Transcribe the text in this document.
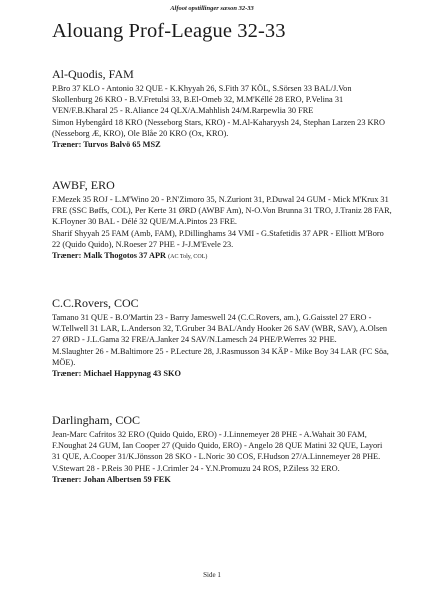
Alfoot opstillinger sæson 32-33
Alouang Prof-League 32-33
Al-Quodis, FAM

P.Bro 37 KLO - Antonio 32 QUE - K.Khyyah 26, S.Fith 37 KÖL, S.Sörsen 33 BAL/J.Von Skollenburg 26 KRO - B.V.Fretulsi 33, B.El-Omeb 32, M.M'Kéllé 28 ERO, P.Velina 31 VEN/F.B.Kharal 25 - R.Aliance 24 QLX/A.Mahhlish 24/M.Rarpewlia 30 FRE

Simon Hybengård 18 KRO (Nesseborg Stars, KRO) - M.Al-Kaharyysh 24, Stephan Larzen 23 KRO (Nesseborg Æ, KRO), Ole Blåe 20 KRO (Ox, KRO).

Træner: Turvos Balvö 65 MSZ
AWBF, ERO

F.Mezek 35 ROJ - L.M'Wino 20 - P.N'Zimoro 35, N.Zuriont 31, P.Duwal 24 GUM - Mick M'Krux 31 FRE (SSC Bøffs, COL), Per Kerte 31 ØRD (AWBF Am), N-O.Von Brunna 31 TRO, J.Traniz 28 FAR, K.Floyner 30 BAL - Délé 32 QUE/M.A.Pintos 23 FRE.

Sharif Shyyah 25 FAM (Amb, FAM), P.Dillinghams 34 VMI - G.Stafetidis 37 APR - Elliott M'Boro 22 (Quido Quido), N.Roeser 27 PHE - J-J.M'Evele 23.

Træner: Malk Thogotos 37 APR (AC Toly, COL)
C.C.Rovers, COC

Tamano 31 QUE - B.O'Martin 23 - Barry Jameswell 24 (C.C.Rovers, am.), G.Gaisstel 27 ERO - W.Tellwell 31 LAR, L.Anderson 32, T.Gruber 34 BAL/Andy Hooker 26 SAV (WBR, SAV), A.Olsen 27 ØRD - J.L.Gama 32 FRE/A.Janker 24 SAV/N.Lamesch 24 PHE/P.Werres 32 PHE.

M.Slaughter 26 - M.Baltimore 25 - P.Lecture 28, J.Rasmusson 34 KÄP - Mike Boy 34 LAR (FC Söa, MÖE).

Træner: Michael Happynag 43 SKO
Darlingham, COC

Jean-Marc Cafritos 32 ERO (Quido Quido, ERO) - J.Linnemeyer 28 PHE - A.Wahait 30 FAM, F.Noughat 24 GUM, Ian Cooper 27 (Quido Quido, ERO) - Angelo 28 QUE Matini 32 QUE, Layori 31 QUE, A.Cooper 31/K.Jönsson 28 SKO - L.Noric 30 COS, F.Hudson 27/A.Linnemeyer 28 PHE.

V.Stewart 28 - P.Reis 30 PHE - J.Crimler 24 - Y.N.Promuzu 24 ROS, P.Ziless 32 ERO.

Træner: Johan Albertsen 59 FEK
Side 1
